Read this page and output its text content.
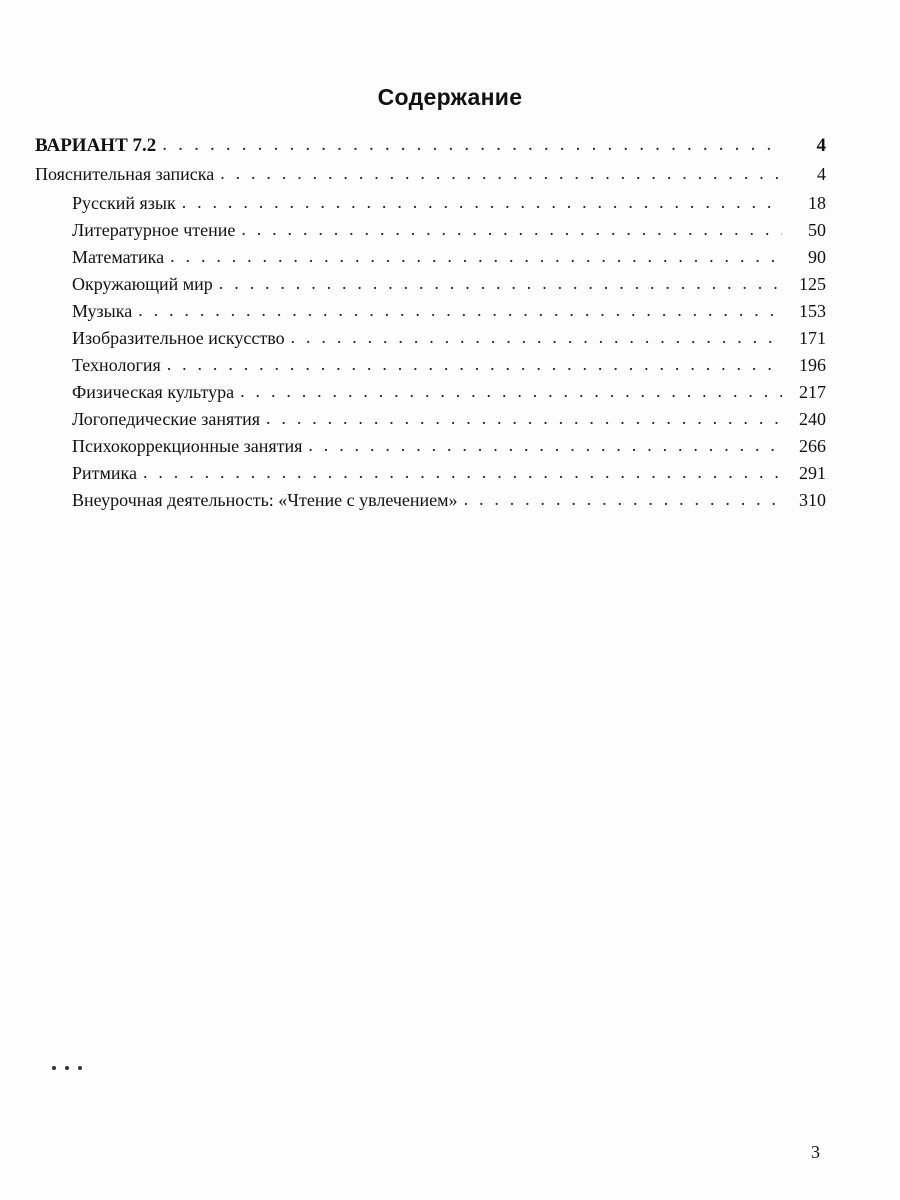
Содержание
ВАРИАНТ 7.2 . . .	4
Пояснительная записка . . .	4
Русский язык . . .	18
Литературное чтение . . .	50
Математика . . .	90
Окружающий мир . . .	125
Музыка . . .	153
Изобразительное искусство . . .	171
Технология . . .	196
Физическая культура . . .	217
Логопедические занятия . . .	240
Психокоррекционные занятия . . .	266
Ритмика . . .	291
Внеурочная деятельность: «Чтение с увлечением» . . .	310
3
